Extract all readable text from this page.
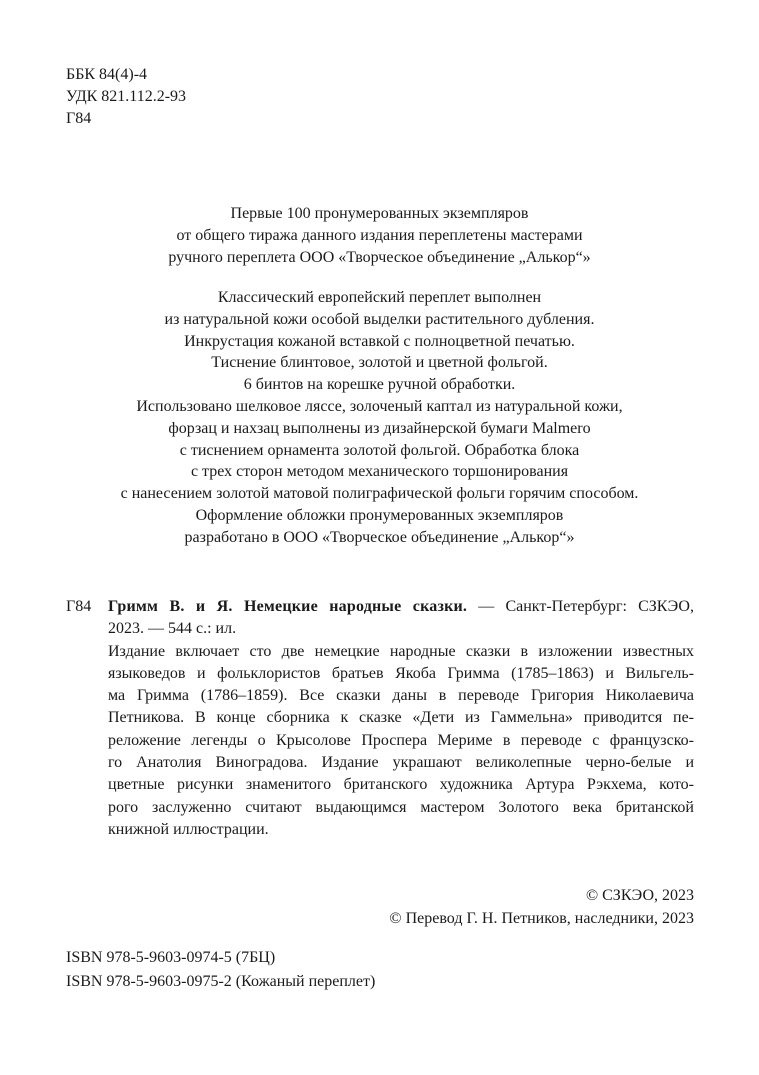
ББК 84(4)-4
УДК 821.112.2-93
Г84
Первые 100 пронумерованных экземпляров
от общего тиража данного издания переплетены мастерами
ручного переплета ООО «Творческое объединение „Алькор“»
Классический европейский переплет выполнен
из натуральной кожи особой выделки растительного дубления.
Инкрустация кожаной вставкой с полноцветной печатью.
Тиснение блинтовое, золотой и цветной фольгой.
6 бинтов на корешке ручной обработки.
Использовано шелковое ляссе, золоченый каптал из натуральной кожи,
форзац и нахзац выполнены из дизайнерской бумаги Malmero
с тиснением орнамента золотой фольгой. Обработка блока
с трех сторон методом механического торшонирования
с нанесением золотой матовой полиграфической фольги горячим способом.
Оформление обложки пронумерованных экземпляров
разработано в ООО «Творческое объединение „Алькор“»
Г84 Гримм В. и Я. Немецкие народные сказки. — Санкт-Петербург: СЗКЭО,
2023. — 544 с.: ил.
Издание включает сто две немецкие народные сказки в изложении известных
языковедов и фольклористов братьев Якоба Гримма (1785–1863) и Вильгель-
ма Гримма (1786–1859). Все сказки даны в переводе Григория Николаевича
Петникова. В конце сборника к сказке «Дети из Гаммельна» приводится пе-
реложение легенды о Крысолове Проспера Мериме в переводе с французско-
го Анатолия Виноградова. Издание украшают великолепные черно-белые и
цветные рисунки знаменитого британского художника Артура Рэкхема, кото-
рого заслуженно считают выдающимся мастером Золотого века британской
книжной иллюстрации.
© СЗКЭО, 2023
© Перевод Г. Н. Петников, наследники, 2023
ISBN 978-5-9603-0974-5 (7БЦ)
ISBN 978-5-9603-0975-2 (Кожаный переплет)
